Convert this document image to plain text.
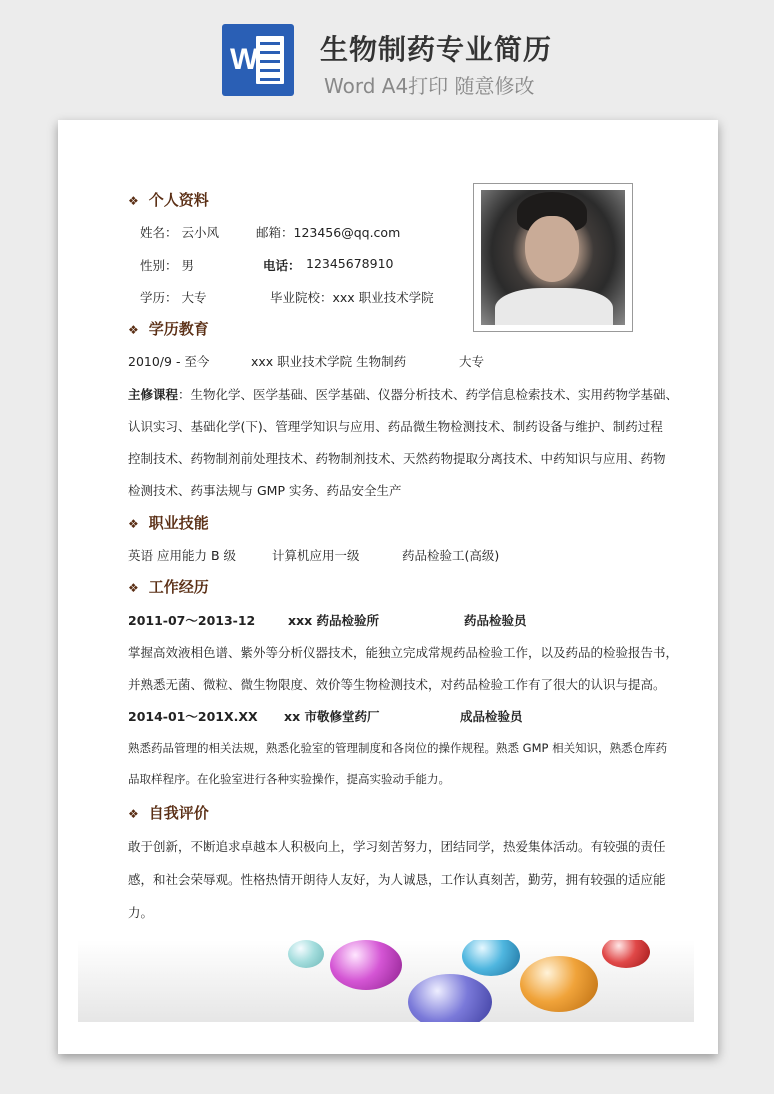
W 生物制药专业简历
Word A4打印 随意修改
❖ 个人资料
姓名： 云小风	邮箱：123456@qq.com
性别： 男	电话： 12345678910
学历： 大专	毕业院校：xxx 职业技术学院
❖ 学历教育
2010/9 - 至今	xxx 职业技术学院 生物制药	大专
主修课程：生物化学、医学基础、医学基础、仪器分析技术、药学信息检索技术、实用药物学基础、
认识实习、基础化学(下)、管理学知识与应用、药品微生物检测技术、制药设备与维护、制药过程
控制技术、药物制剂前处理技术、药物制剂技术、天然药物提取分离技术、中药知识与应用、药物
检测技术、药事法规与 GMP 实务、药品安全生产
❖ 职业技能
英语 应用能力 B 级	计算机应用一级	药品检验工(高级)
❖ 工作经历
2011-07～2013-12	xxx 药品检验所	药品检验员
掌握高效液相色谱、紫外等分析仪器技术，能独立完成常规药品检验工作，以及药品的检验报告书，
并熟悉无菌、微粒、微生物限度、效价等生物检测技术，对药品检验工作有了很大的认识与提高。
2014-01～201X.XX xx 市敬修堂药厂	成品检验员
熟悉药品管理的相关法规，熟悉化验室的管理制度和各岗位的操作规程。熟悉 GMP 相关知识，熟悉仓库药
品取样程序。在化验室进行各种实验操作，提高实验动手能力。
❖ 自我评价
敢于创新，不断追求卓越本人积极向上，学习刻苦努力，团结同学，热爱集体活动。有较强的责任
感，和社会荣辱观。性格热情开朗待人友好，为人诚恳，工作认真刻苦，勤劳，拥有较强的适应能
力。
